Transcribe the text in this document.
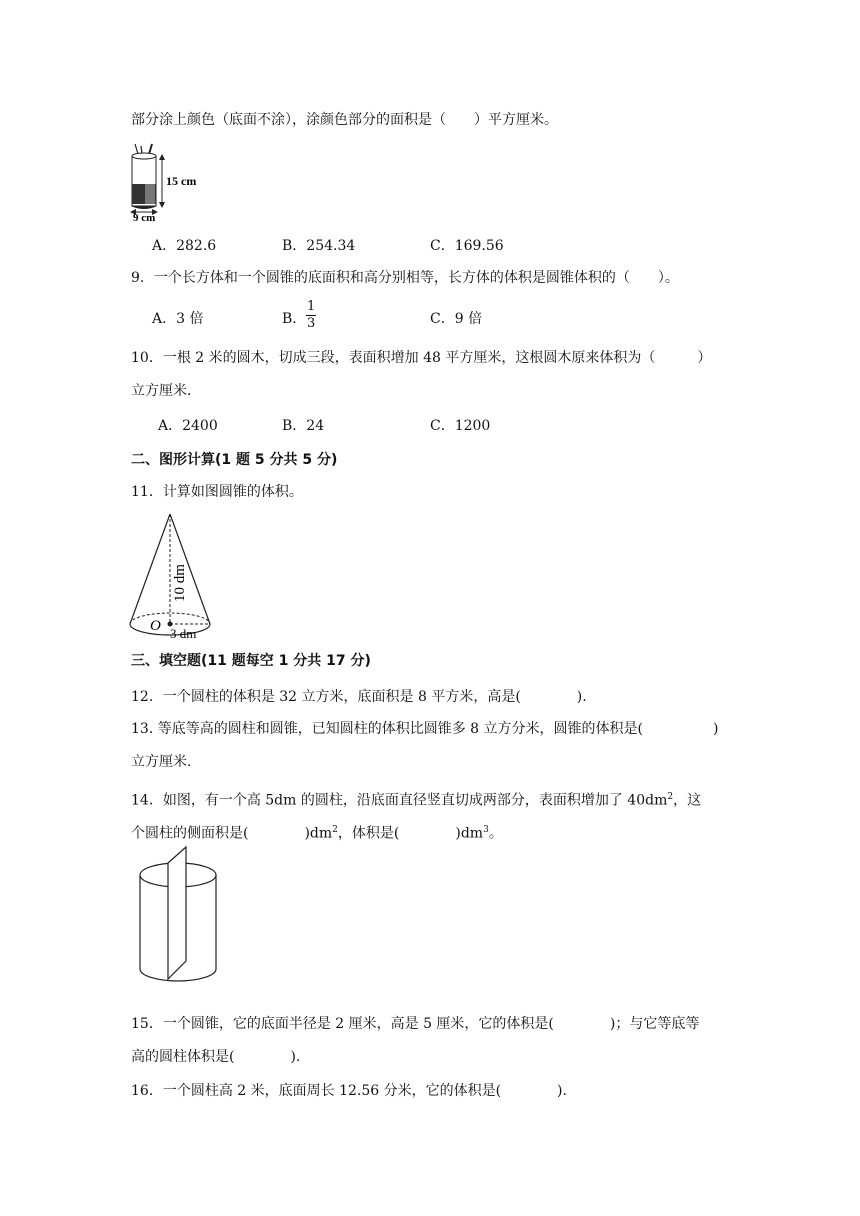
部分涂上颜色（底面不涂），涂颜色部分的面积是（　　）平方厘米。
15 cm
9 cm
A．282.6	B．254.34	C．169.56
9．一个长方体和一个圆锥的底面积和高分别相等，长方体的体积是圆锥体积的（　　）。
A．3 倍	B． $\frac{1}{3}$	C．9 倍
10．一根 2 米的圆木，切成三段，表面积增加 48 平方厘米，这根圆木原来体积为（　　　）
立方厘米.
A．2400	B．24	C．1200
二、图形计算(1 题 5 分共 5 分)
11．计算如图圆锥的体积。
10 dm
O 3 dm
三、填空题(11 题每空 1 分共 17 分)
12．一个圆柱的体积是 32 立方米，底面积是 8 平方米，高是(　　　　).
13. 等底等高的圆柱和圆锥，已知圆柱的体积比圆锥多 8 立方分米，圆锥的体积是(　　　　　)
立方厘米.
14．如图，有一个高 5dm 的圆柱，沿底面直径竖直切成两部分，表面积增加了 $40dm^2$，这
个圆柱的侧面积是(　　　　)$dm^2$，体积是(　　　　)$dm^3$。
15．一个圆锥，它的底面半径是 2 厘米，高是 5 厘米，它的体积是(　　　　)；与它等底等
高的圆柱体积是(　　　　).
16．一个圆柱高 2 米，底面周长 12.56 分米，它的体积是(　　　　).
